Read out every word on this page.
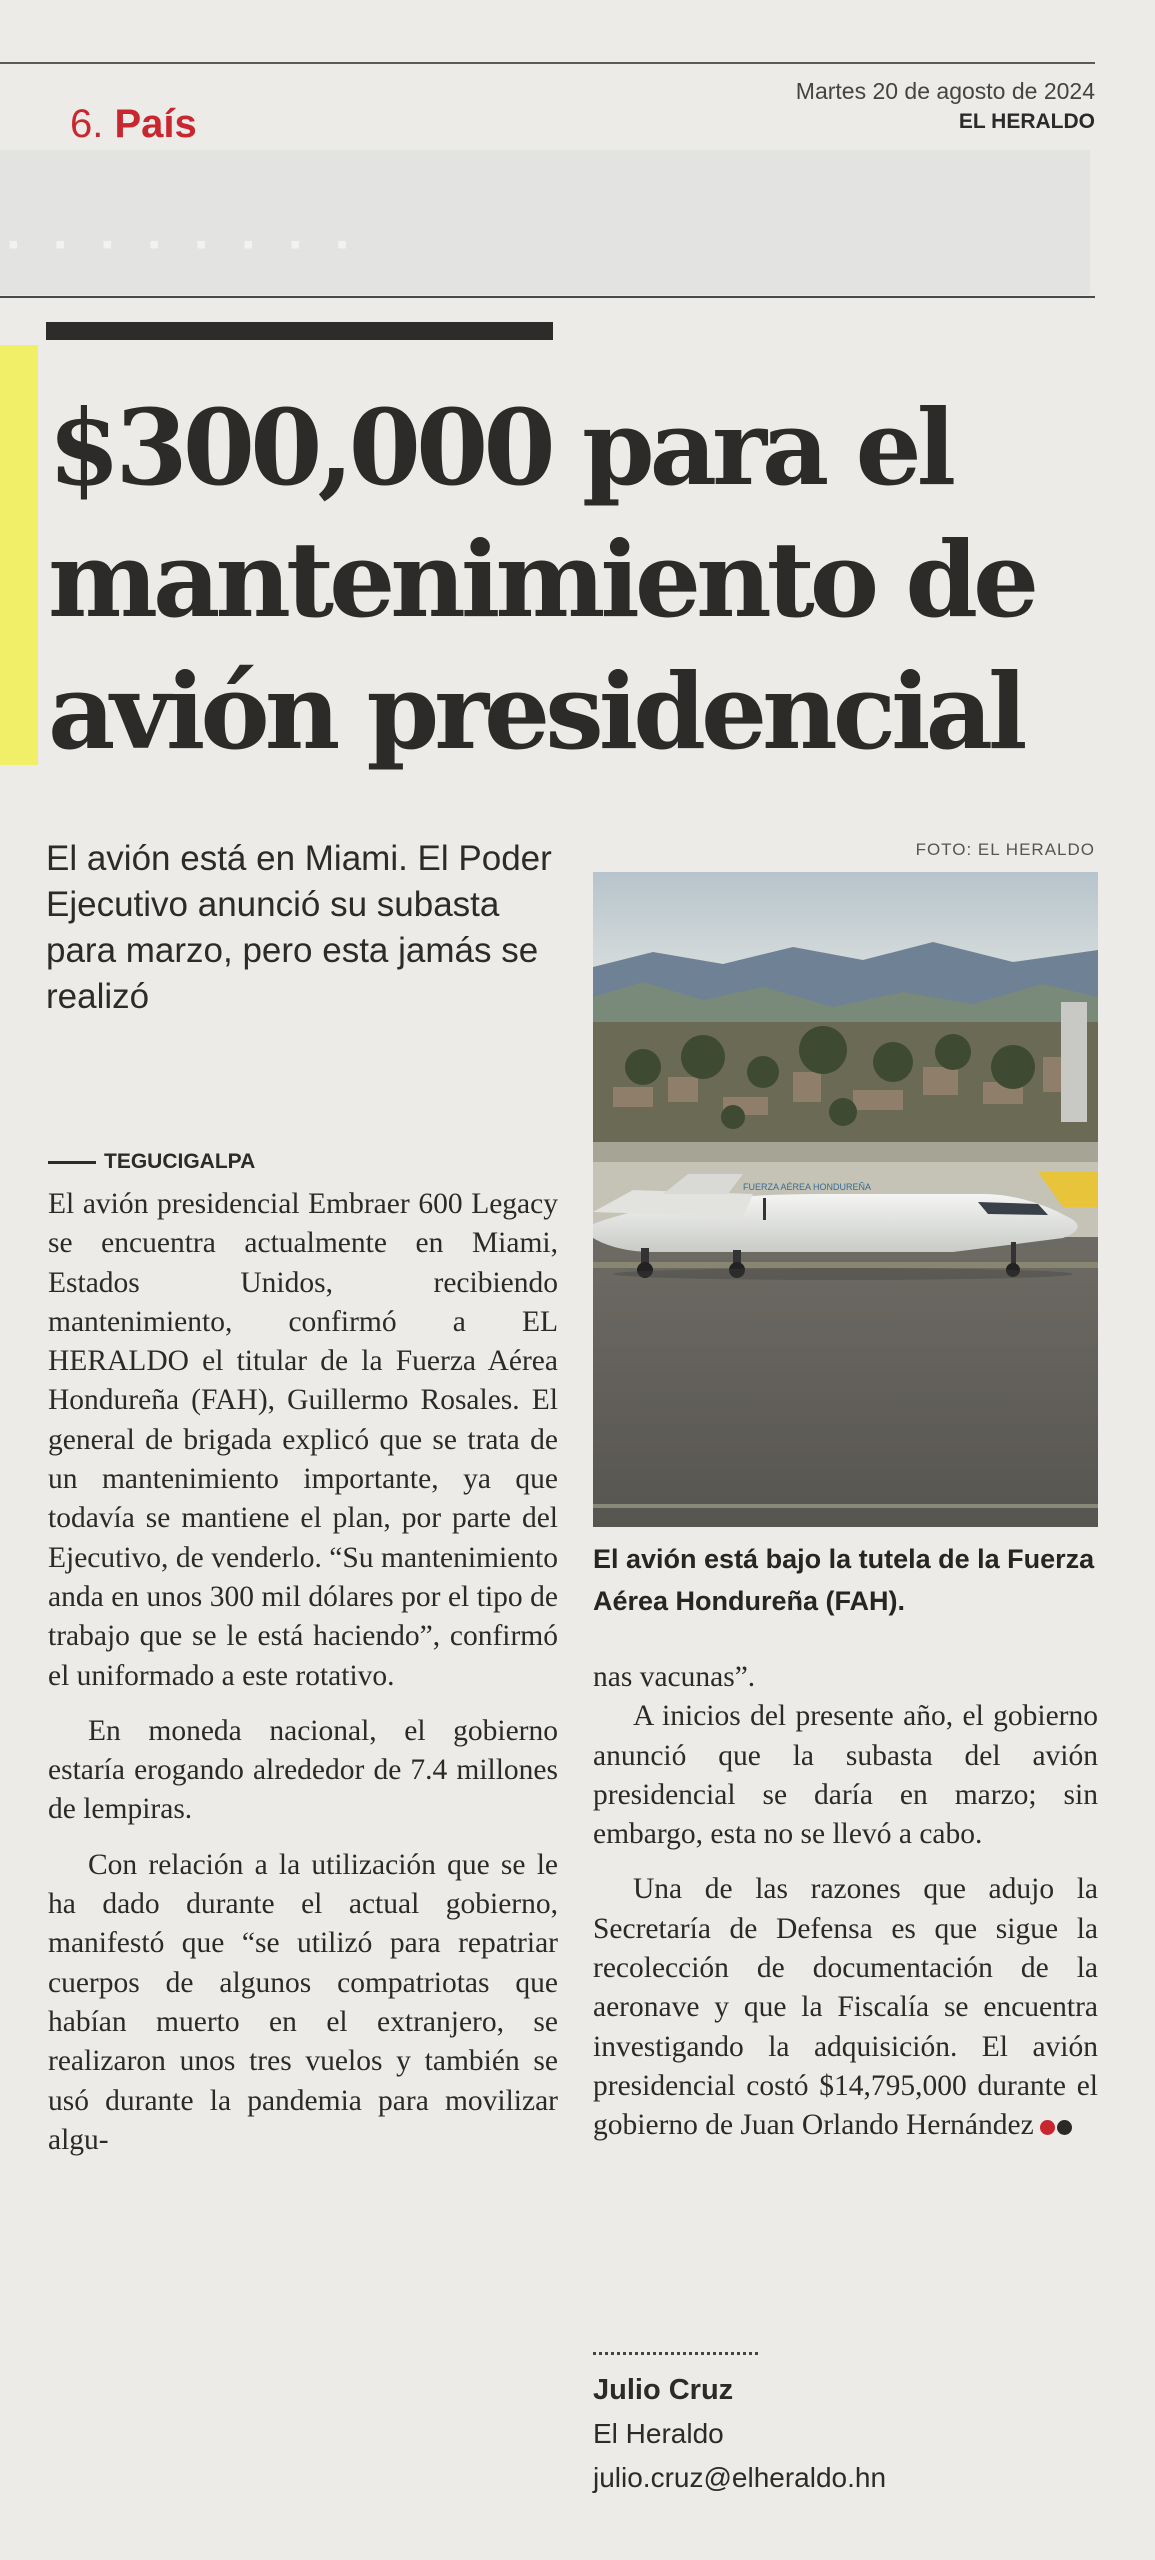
6. País
Martes 20 de agosto de 2024
EL HERALDO
▪ ▪ ▪ ▪ ▪ ▪ ▪ ▪
$300,000 para el mantenimiento de avión presidencial

El avión está en Miami. El Poder Ejecutivo anunció su subasta para marzo, pero esta jamás se realizó

FOTO: EL HERALDO
FUERZA AÉREA HONDUREÑA
El avión está bajo la tutela de la Fuerza Aérea Hondureña (FAH).
TEGUCIGALPA

El avión presidencial Embraer 600 Legacy se encuentra actualmente en Miami, Estados Unidos, recibiendo mantenimiento, confirmó a EL HERALDO el titular de la Fuerza Aérea Hondureña (FAH), Guillermo Rosales. El general de brigada explicó que se trata de un mantenimiento importante, ya que todavía se mantiene el plan, por parte del Ejecutivo, de venderlo. “Su mantenimiento anda en unos 300 mil dólares por el tipo de trabajo que se le está haciendo”, confirmó el uniformado a este rotativo.

En moneda nacional, el gobierno estaría erogando alrededor de 7.4 millones de lempiras.

Con relación a la utilización que se le ha dado durante el actual gobierno, manifestó que “se utilizó para repatriar cuerpos de algunos compatriotas que habían muerto en el extranjero, se realizaron unos tres vuelos y también se usó durante la pandemia para movilizar algu-

nas vacunas”.

A inicios del presente año, el gobierno anunció que la subasta del avión presidencial se daría en marzo; sin embargo, esta no se llevó a cabo.

Una de las razones que adujo la Secretaría de Defensa es que sigue la recolección de documentación de la aeronave y que la Fiscalía se encuentra investigando la adquisición. El avión presidencial costó $14,795,000 durante el gobierno de Juan Orlando Hernández

Julio Cruz
El Heraldo
julio.cruz@elheraldo.hn
